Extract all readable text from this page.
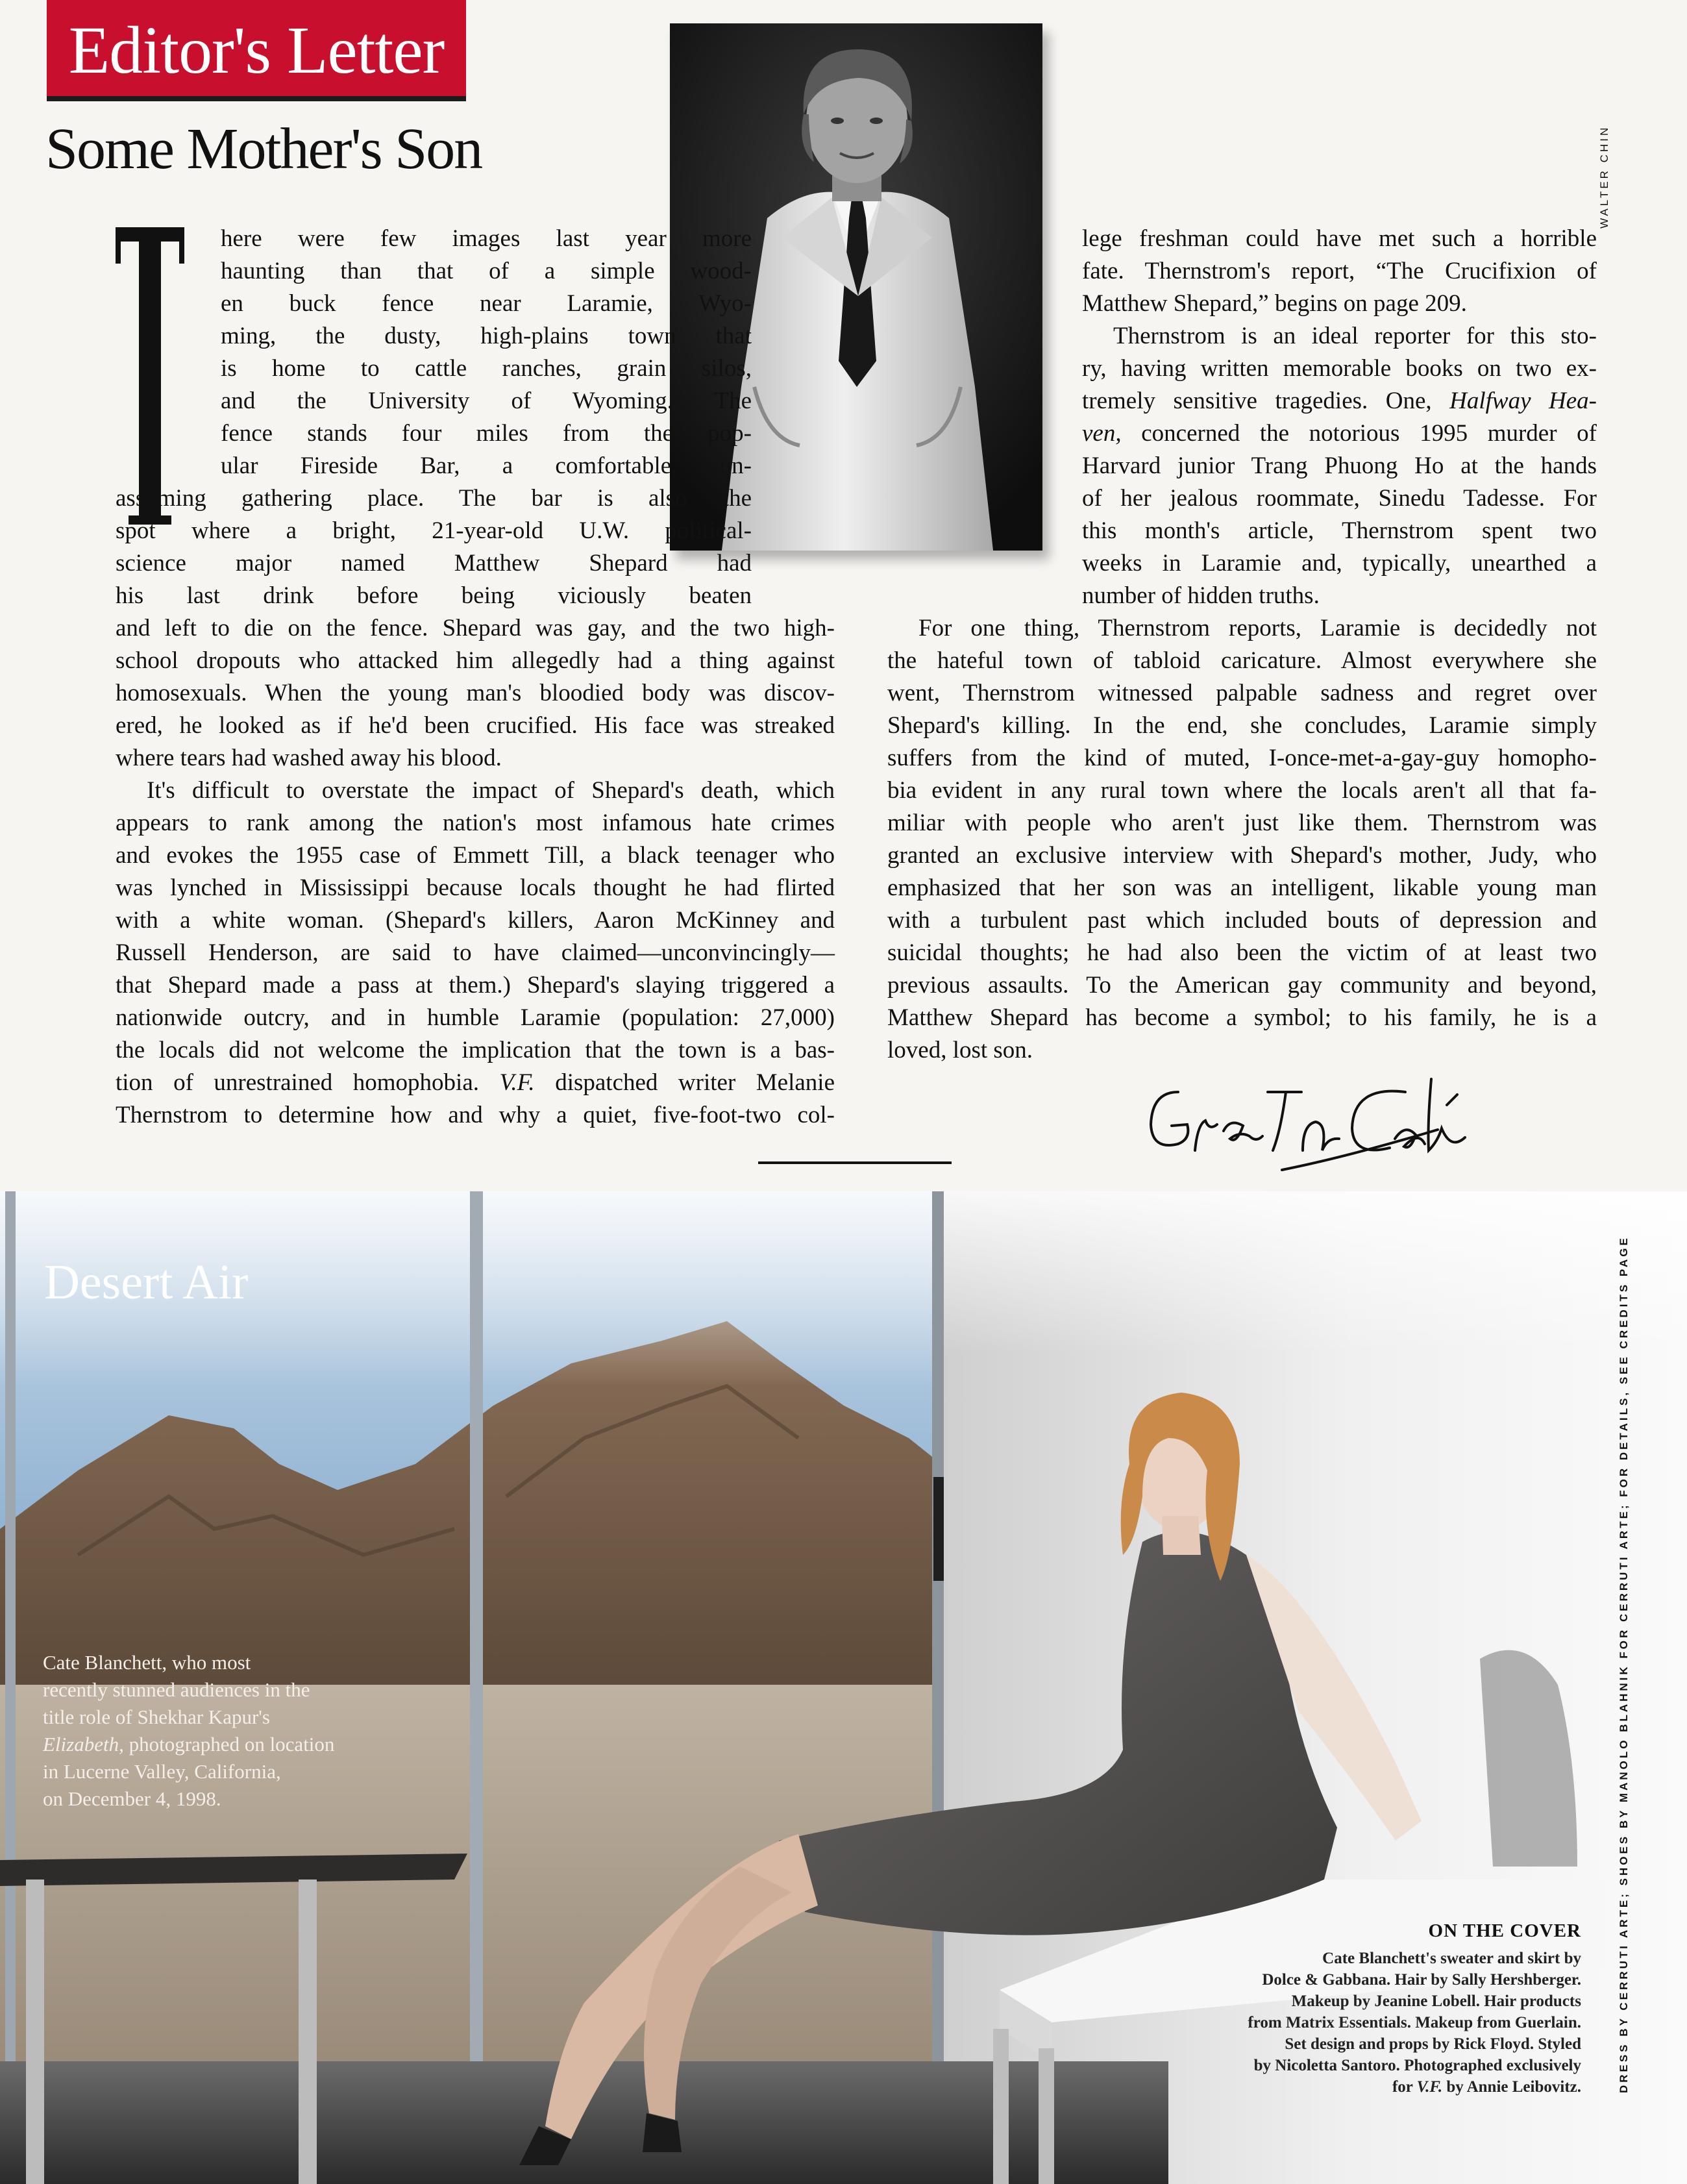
Editor's Letter
Some Mother's Son	WALTER CHIN
here were few images last year more
haunting than that of a simple wood-
en buck fence near Laramie, Wyo-
ming, the dusty, high-plains town that
is home to cattle ranches, grain silos,
and the University of Wyoming. The
fence stands four miles from the pop-
ular Fireside Bar, a comfortable, un-
assuming gathering place. The bar is also the
spot where a bright, 21-year-old U.W. political-
science major named Matthew Shepard had
his last drink before being viciously beaten
and left to die on the fence. Shepard was gay, and the two high-
school dropouts who attacked him allegedly had a thing against
homosexuals. When the young man's bloodied body was discov-
ered, he looked as if he'd been crucified. His face was streaked
where tears had washed away his blood.
It's difficult to overstate the impact of Shepard's death, which
appears to rank among the nation's most infamous hate crimes
and evokes the 1955 case of Emmett Till, a black teenager who
was lynched in Mississippi because locals thought he had flirted
with a white woman. (Shepard's killers, Aaron McKinney and
Russell Henderson, are said to have claimed—unconvincingly—
that Shepard made a pass at them.) Shepard's slaying triggered a
nationwide outcry, and in humble Laramie (population: 27,000)
the locals did not welcome the implication that the town is a bas-
tion of unrestrained homophobia. V.F. dispatched writer Melanie
Thernstrom to determine how and why a quiet, five-foot-two col-
lege freshman could have met such a horrible
fate. Thernstrom's report, “The Crucifixion of
Matthew Shepard,” begins on page 209.
Thernstrom is an ideal reporter for this sto-
ry, having written memorable books on two ex-
tremely sensitive tragedies. One, Halfway Hea-
ven, concerned the notorious 1995 murder of
Harvard junior Trang Phuong Ho at the hands
of her jealous roommate, Sinedu Tadesse. For
this month's article, Thernstrom spent two
weeks in Laramie and, typically, unearthed a
number of hidden truths.
For one thing, Thernstrom reports, Laramie is decidedly not
the hateful town of tabloid caricature. Almost everywhere she
went, Thernstrom witnessed palpable sadness and regret over
Shepard's killing. In the end, she concludes, Laramie simply
suffers from the kind of muted, I-once-met-a-gay-guy homopho-
bia evident in any rural town where the locals aren't all that fa-
miliar with people who aren't just like them. Thernstrom was
granted an exclusive interview with Shepard's mother, Judy, who
emphasized that her son was an intelligent, likable young man
with a turbulent past which included bouts of depression and
suicidal thoughts; he had also been the victim of at least two
previous assaults. To the American gay community and beyond,
Matthew Shepard has become a symbol; to his family, he is a
loved, lost son.
Desert Air
Cate Blanchett, who most
recently stunned audiences in the
title role of Shekhar Kapur's
Elizabeth, photographed on location
in Lucerne Valley, California,
on December 4, 1998.
ON THE COVER
Cate Blanchett's sweater and skirt by
Dolce & Gabbana. Hair by Sally Hershberger.
Makeup by Jeanine Lobell. Hair products
from Matrix Essentials. Makeup from Guerlain.
Set design and props by Rick Floyd. Styled
by Nicoletta Santoro. Photographed exclusively
for V.F. by Annie Leibovitz.	DRESS BY CERRUTI ARTE; SHOES BY MANOLO BLAHNIK FOR CERRUTI ARTE; FOR DETAILS, SEE CREDITS PAGE
